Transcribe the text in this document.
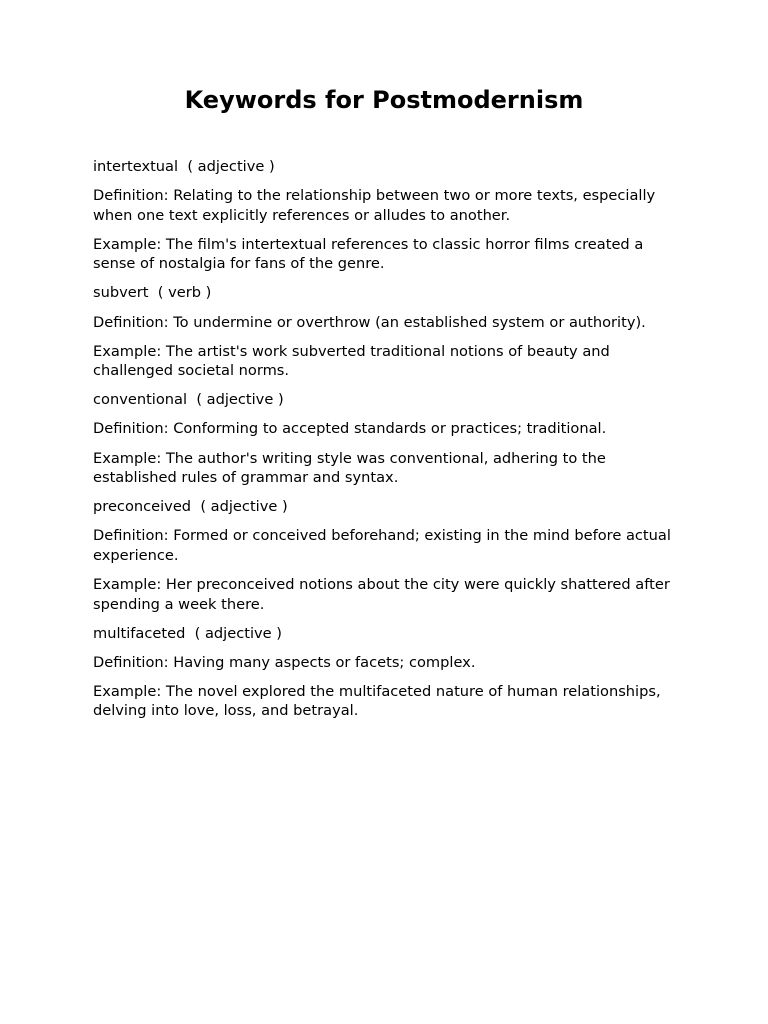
Keywords for Postmodernism

intertextual ( adjective )

Definition: Relating to the relationship between two or more texts, especially when one text explicitly references or alludes to another.

Example: The film's intertextual references to classic horror films created a sense of nostalgia for fans of the genre.

subvert ( verb )

Definition: To undermine or overthrow (an established system or authority).

Example: The artist's work subverted traditional notions of beauty and challenged societal norms.

conventional ( adjective )

Definition: Conforming to accepted standards or practices; traditional.

Example: The author's writing style was conventional, adhering to the established rules of grammar and syntax.

preconceived ( adjective )

Definition: Formed or conceived beforehand; existing in the mind before actual experience.

Example: Her preconceived notions about the city were quickly shattered after spending a week there.

multifaceted ( adjective )

Definition: Having many aspects or facets; complex.

Example: The novel explored the multifaceted nature of human relationships, delving into love, loss, and betrayal.
